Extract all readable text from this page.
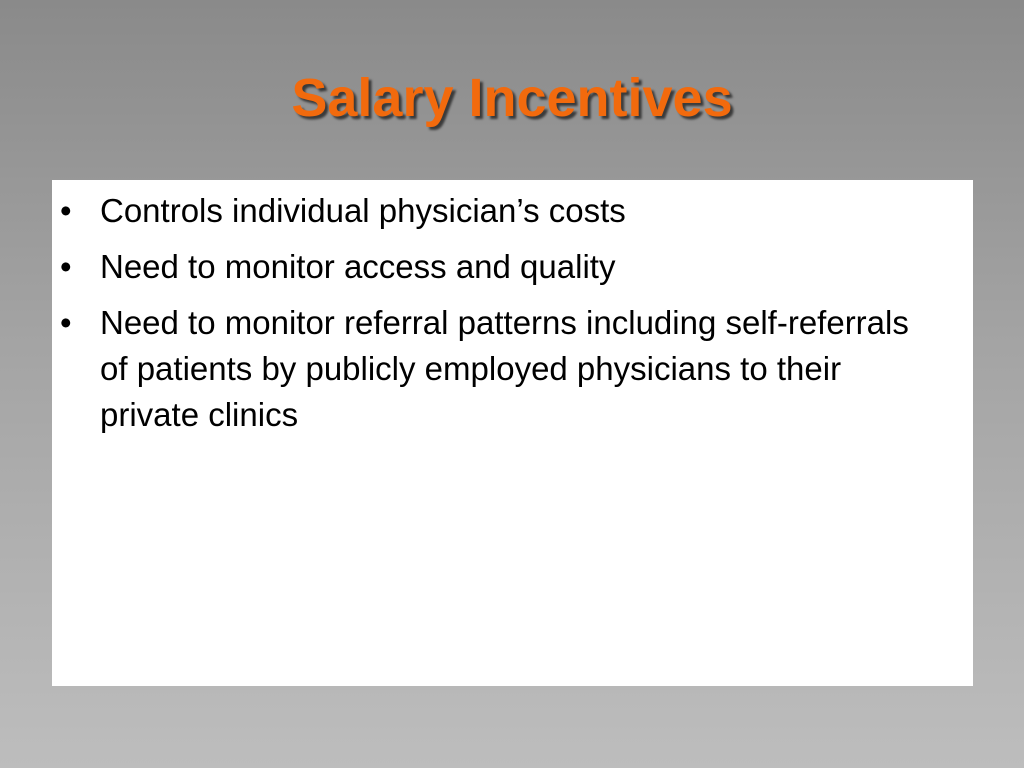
Salary Incentives
• Controls individual physician’s costs
• Need to monitor access and quality
• Need to monitor referral patterns including self-referrals of patients by publicly employed physicians to their private clinics
